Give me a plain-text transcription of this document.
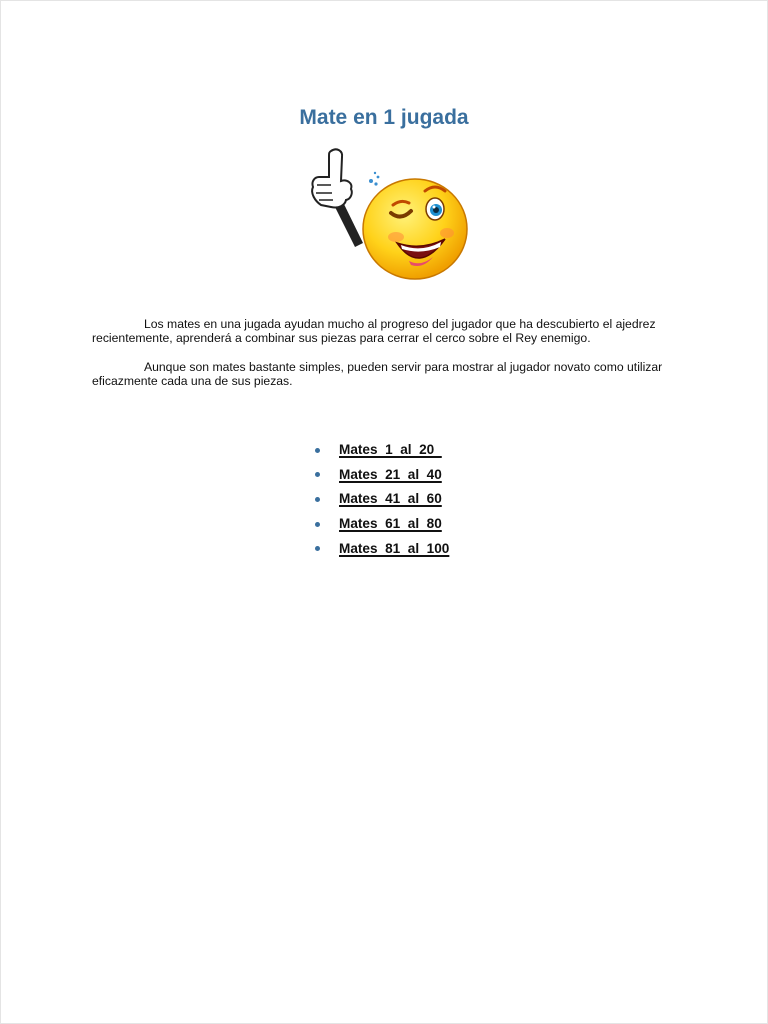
Mate en 1 jugada

Los mates en una jugada ayudan mucho al progreso del jugador que ha descubierto el ajedrez recientemente, aprenderá a combinar sus piezas para cerrar el cerco sobre el Rey enemigo.

Aunque son mates bastante simples, pueden servir para mostrar al jugador novato como utilizar eficazmente cada una de sus piezas.

Mates  1  al  20
Mates  21  al  40
Mates  41  al  60
Mates  61  al  80
Mates  81  al  100
